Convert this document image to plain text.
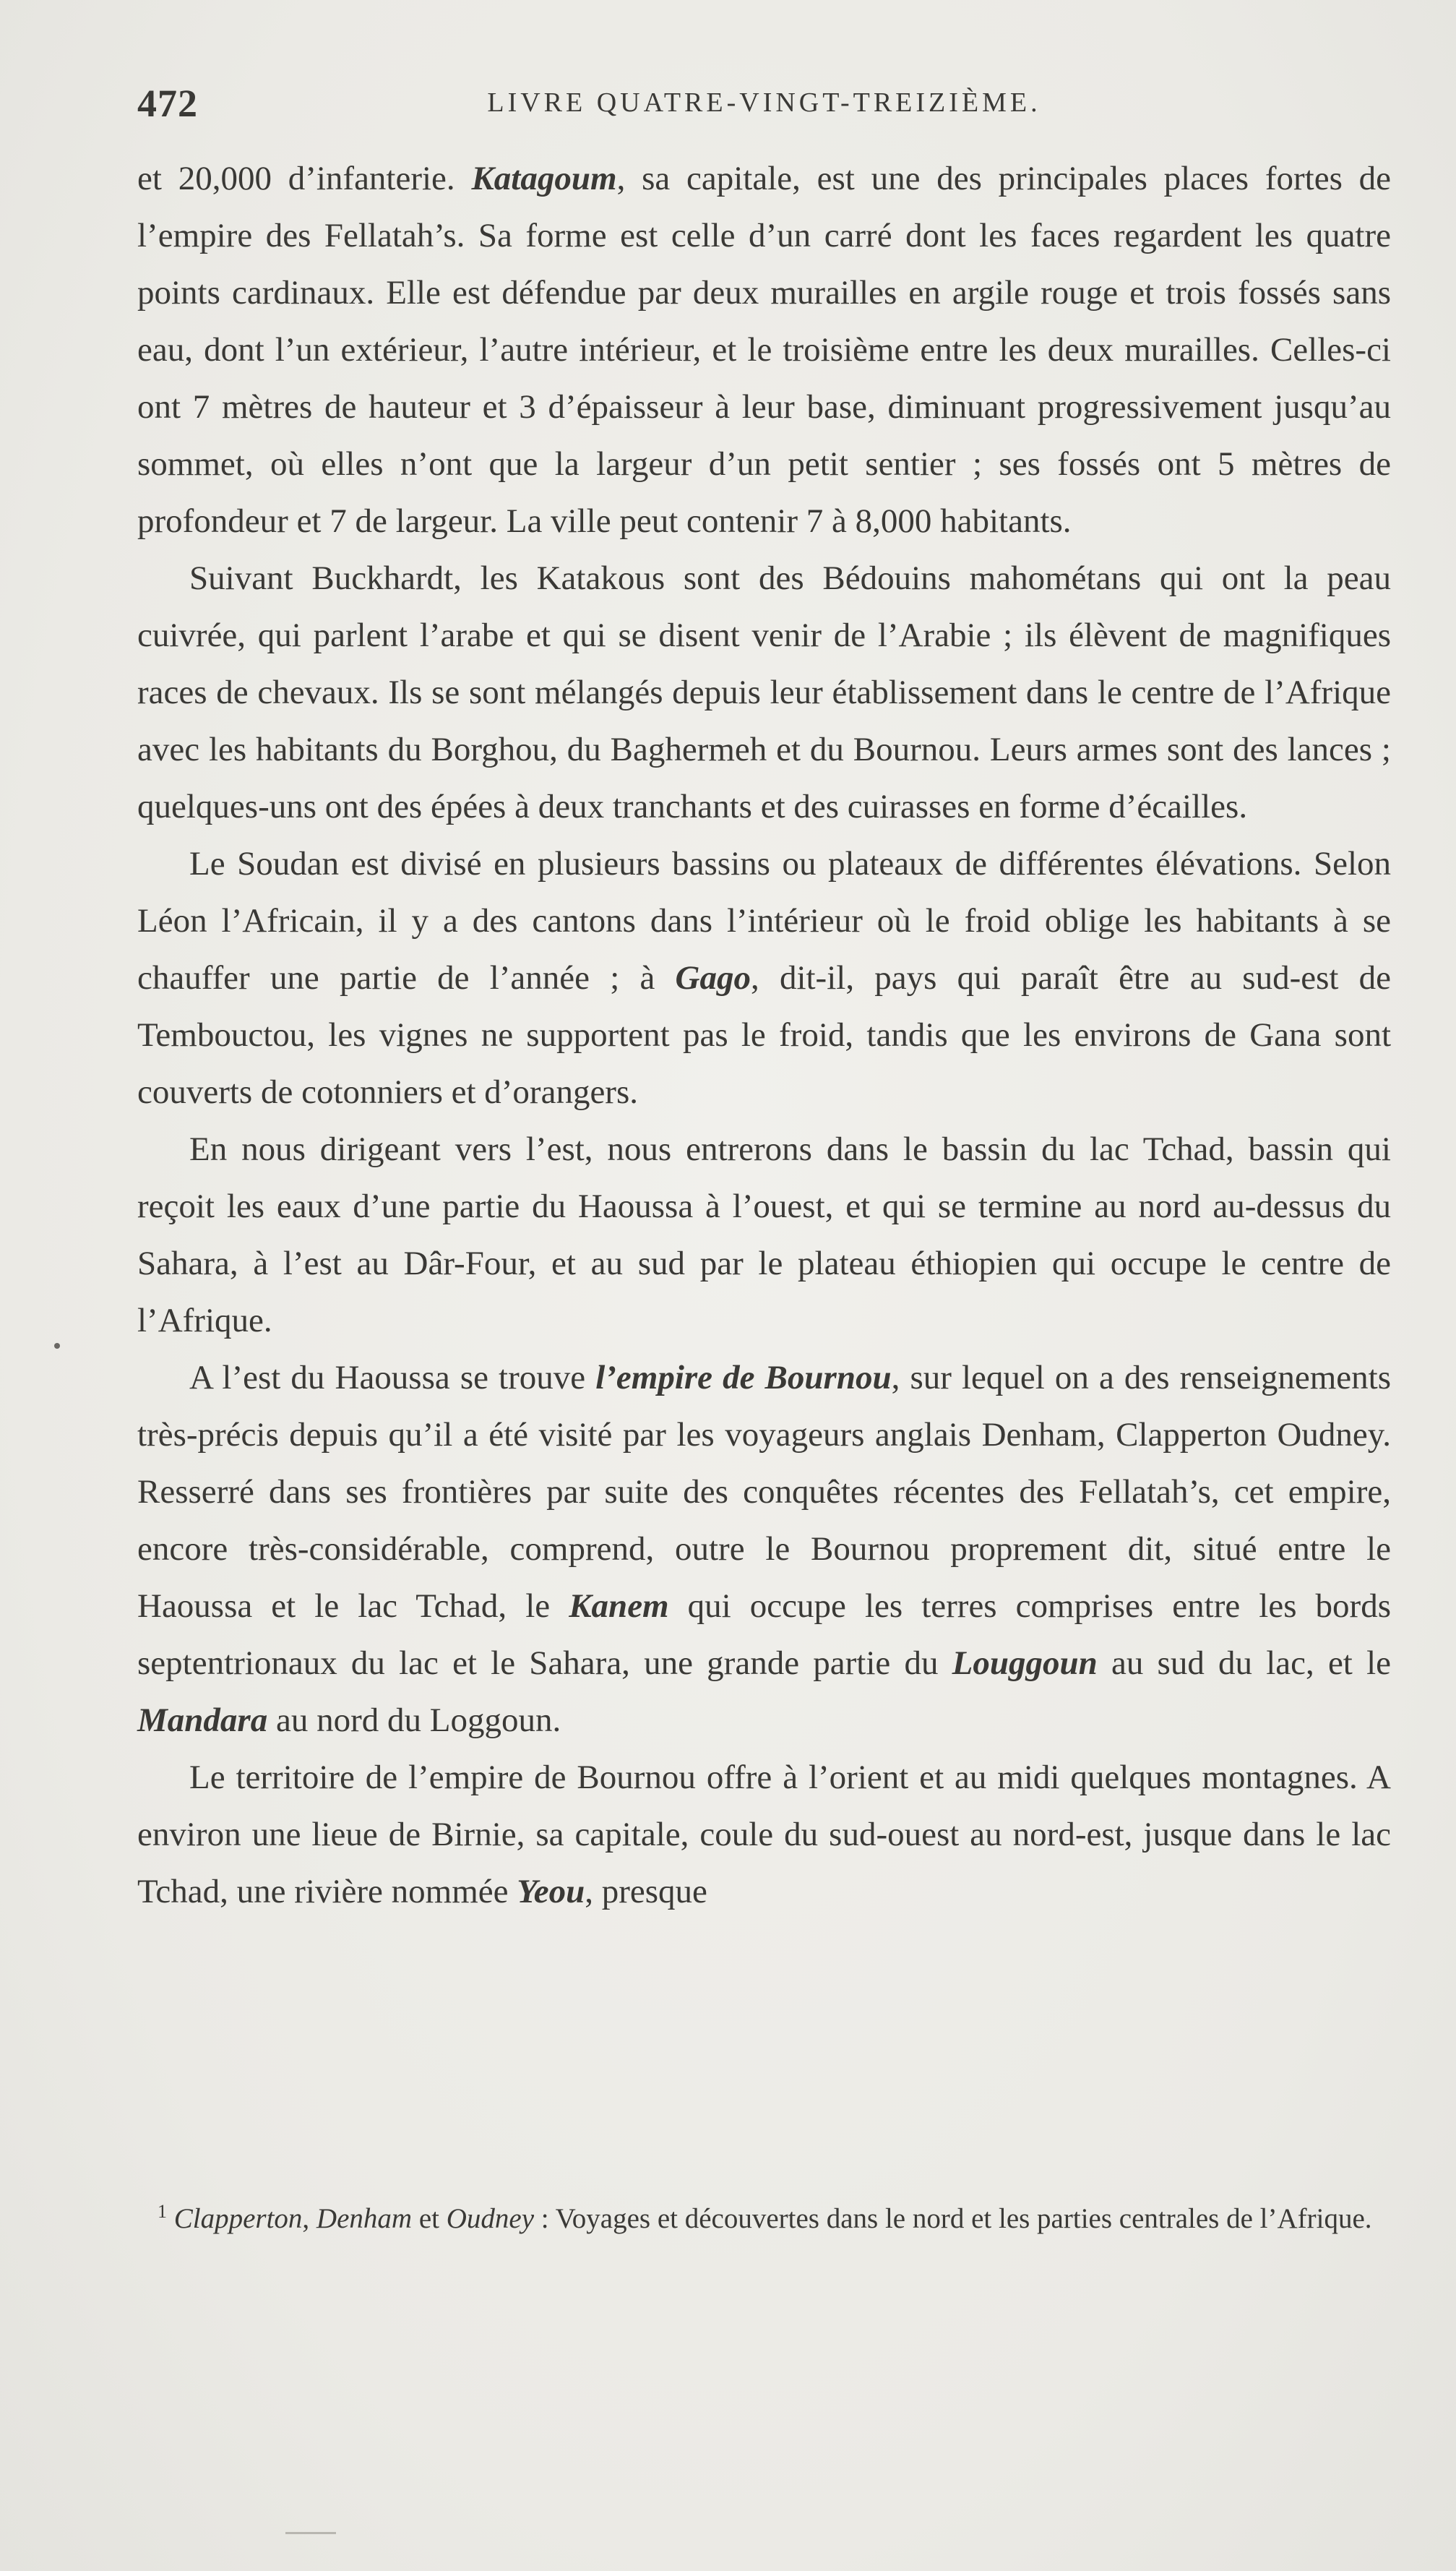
472	LIVRE QUATRE-VINGT-TREIZIÈME.

et 20,000 d’infanterie. Katagoum, sa capitale, est une des principales places fortes de l’empire des Fellatah’s. Sa forme est celle d’un carré dont les faces regardent les quatre points cardinaux. Elle est défendue par deux murailles en argile rouge et trois fossés sans eau, dont l’un extérieur, l’autre intérieur, et le troisième entre les deux murailles. Celles-ci ont 7 mètres de hauteur et 3 d’épaisseur à leur base, diminuant progressivement jusqu’au sommet, où elles n’ont que la largeur d’un petit sentier ; ses fossés ont 5 mètres de profondeur et 7 de largeur. La ville peut contenir 7 à 8,000 habitants.

Suivant Buckhardt, les Katakous sont des Bédouins mahométans qui ont la peau cuivrée, qui parlent l’arabe et qui se disent venir de l’Arabie ; ils élèvent de magnifiques races de chevaux. Ils se sont mélangés depuis leur établissement dans le centre de l’Afrique avec les habitants du Borghou, du Baghermeh et du Bournou. Leurs armes sont des lances ; quelques-uns ont des épées à deux tranchants et des cuirasses en forme d’écailles.

Le Soudan est divisé en plusieurs bassins ou plateaux de différentes élévations. Selon Léon l’Africain, il y a des cantons dans l’intérieur où le froid oblige les habitants à se chauffer une partie de l’année ; à Gago, dit-il, pays qui paraît être au sud-est de Tembouctou, les vignes ne supportent pas le froid, tandis que les environs de Gana sont couverts de cotonniers et d’orangers.

En nous dirigeant vers l’est, nous entrerons dans le bassin du lac Tchad, bassin qui reçoit les eaux d’une partie du Haoussa à l’ouest, et qui se termine au nord au-dessus du Sahara, à l’est au Dâr-Four, et au sud par le plateau éthiopien qui occupe le centre de l’Afrique.

A l’est du Haoussa se trouve l’empire de Bournou, sur lequel on a des renseignements très-précis depuis qu’il a été visité par les voyageurs anglais Denham, Clapperton Oudney. Resserré dans ses frontières par suite des conquêtes récentes des Fellatah’s, cet empire, encore très-considérable, comprend, outre le Bournou proprement dit, situé entre le Haoussa et le lac Tchad, le Kanem qui occupe les terres comprises entre les bords septentrionaux du lac et le Sahara, une grande partie du Louggoun au sud du lac, et le Mandara au nord du Loggoun.

Le territoire de l’empire de Bournou offre à l’orient et au midi quelques montagnes. A environ une lieue de Birnie, sa capitale, coule du sud-ouest au nord-est, jusque dans le lac Tchad, une rivière nommée Yeou, presque

$^1$ Clapperton, Denham et Oudney : Voyages et découvertes dans le nord et les parties centrales de l’Afrique.
